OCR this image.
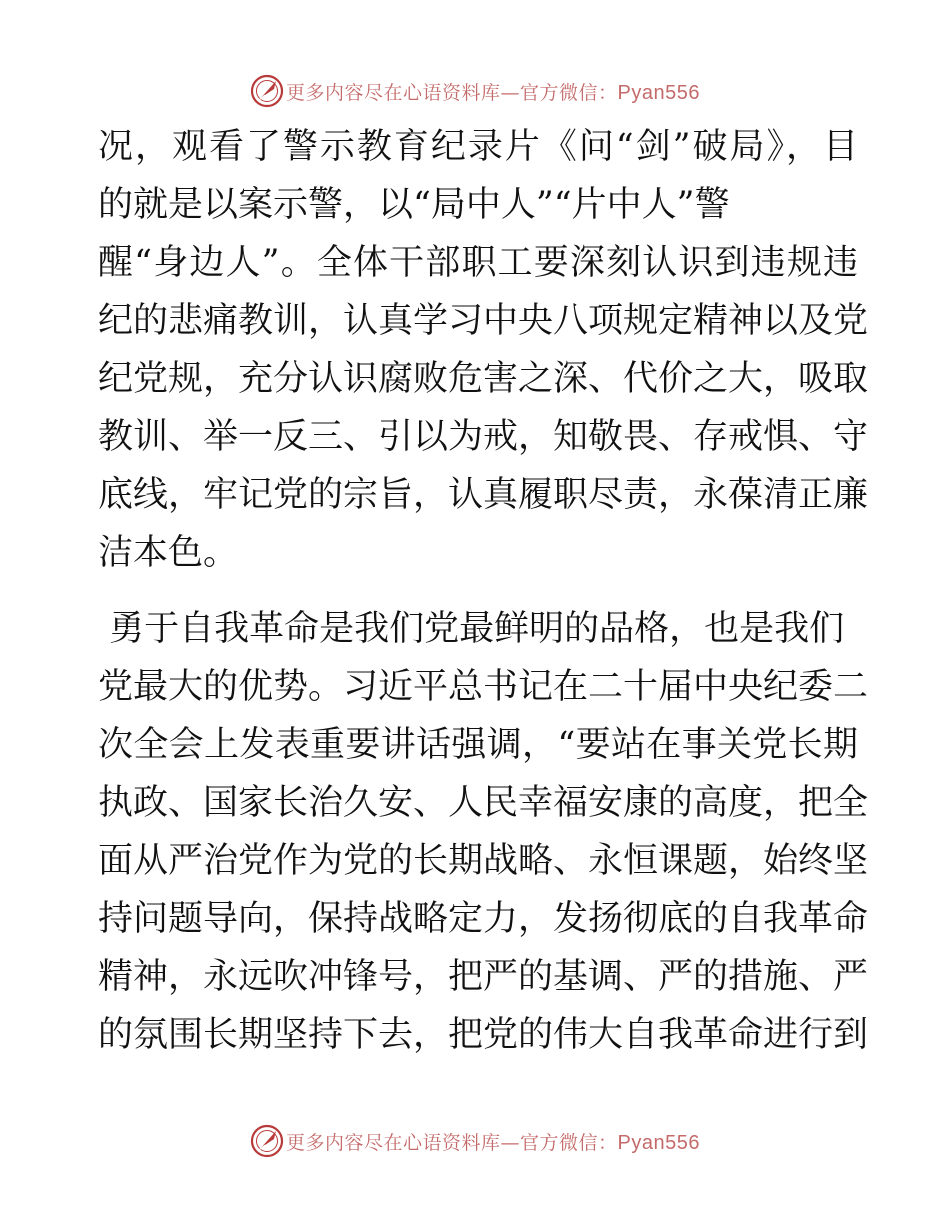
更多内容尽在心语资料库—官方微信：Pyan556
况，观看了警示教育纪录片《问“剑”破局》，目
的就是以案示警，以“局中人”“片中人”警
醒“身边人”。全体干部职工要深刻认识到违规违
纪的悲痛教训，认真学习中央八项规定精神以及党
纪党规，充分认识腐败危害之深、代价之大，吸取
教训、举一反三、引以为戒，知敬畏、存戒惧、守
底线，牢记党的宗旨，认真履职尽责，永葆清正廉
洁本色。
勇于自我革命是我们党最鲜明的品格，也是我们
党最大的优势。习近平总书记在二十届中央纪委二
次全会上发表重要讲话强调，“要站在事关党长期
执政、国家长治久安、人民幸福安康的高度，把全
面从严治党作为党的长期战略、永恒课题，始终坚
持问题导向，保持战略定力，发扬彻底的自我革命
精神，永远吹冲锋号，把严的基调、严的措施、严
的氛围长期坚持下去，把党的伟大自我革命进行到
更多内容尽在心语资料库—官方微信：Pyan556
